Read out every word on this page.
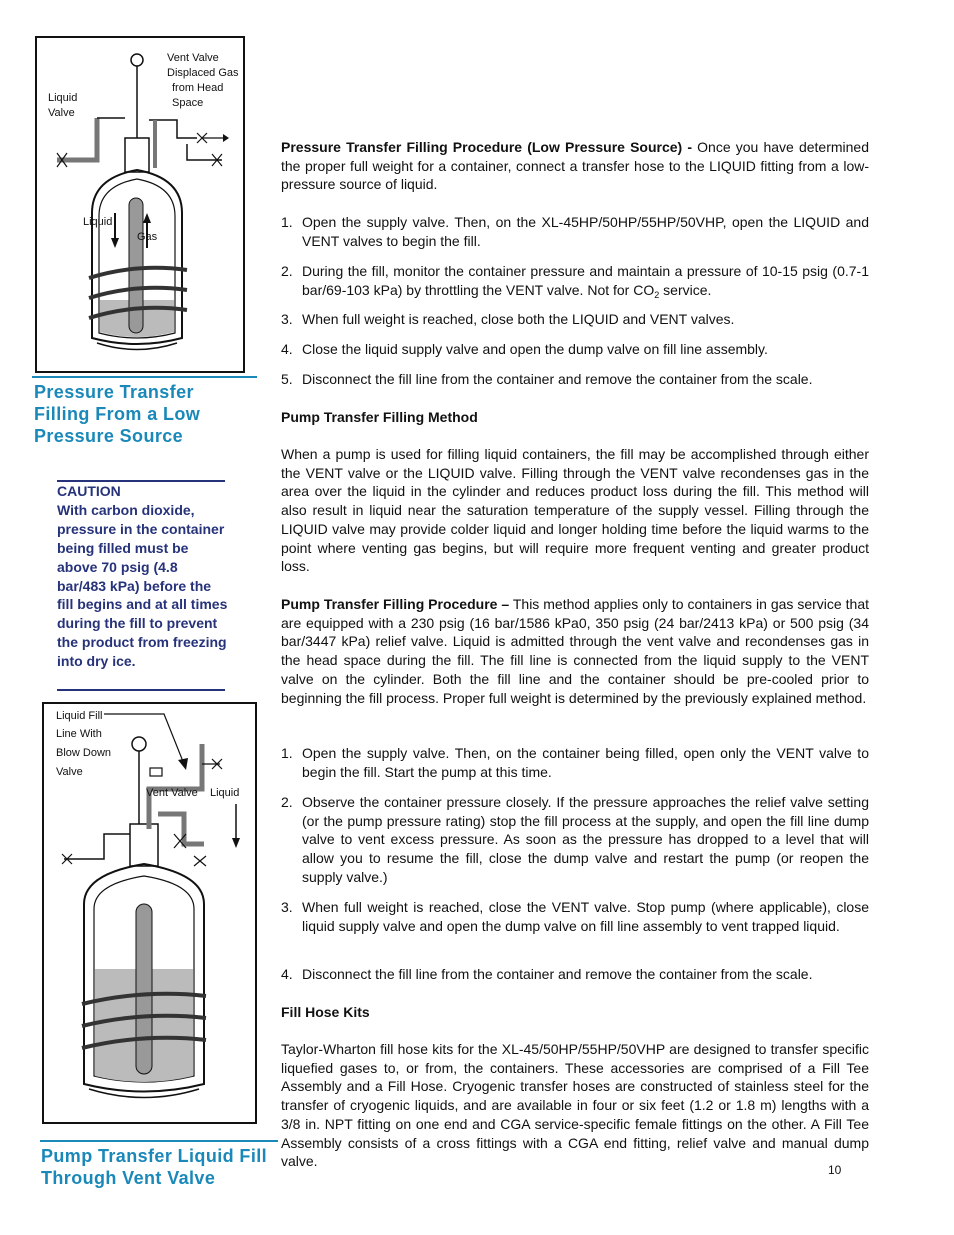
Vent Valve
Displaced Gas
from Head
Space
Liquid
Valve
Liquid
Gas
Pressure Transfer Filling From a Low Pressure Source
CAUTION
With carbon dioxide, pressure in the container being filled must be above 70 psig (4.8 bar/483 kPa) before the fill begins and at all times during the fill to prevent the product from freezing into dry ice.
Liquid Fill
Line With
Blow Down
Valve
Vent Valve Liquid
Pump Transfer Liquid Fill Through Vent Valve

Pressure Transfer Filling Procedure (Low Pressure Source) - Once you have determined the proper full weight for a container, connect a transfer hose to the LIQUID fitting from a low-pressure source of liquid.

1. Open the supply valve. Then, on the XL-45HP/50HP/55HP/50VHP, open the LIQUID and VENT valves to begin the fill.
2. During the fill, monitor the container pressure and maintain a pressure of 10-15 psig (0.7-1 bar/69-103 kPa) by throttling the VENT valve. Not for $CO_2$ service.
3. When full weight is reached, close both the LIQUID and VENT valves.
4. Close the liquid supply valve and open the dump valve on fill line assembly.
5. Disconnect the fill line from the container and remove the container from the scale.
Pump Transfer Filling Method
When a pump is used for filling liquid containers, the fill may be accomplished through either the VENT valve or the LIQUID valve. Filling through the VENT valve recondenses gas in the area over the liquid in the cylinder and reduces product loss during the fill. This method will also result in liquid near the saturation temperature of the supply vessel. Filling through the LIQUID valve may provide colder liquid and longer holding time before the liquid warms to the point where venting gas begins, but will require more frequent venting and greater product loss.

Pump Transfer Filling Procedure – This method applies only to containers in gas service that are equipped with a 230 psig (16 bar/1586 kPa0, 350 psig (24 bar/2413 kPa) or 500 psig (34 bar/3447 kPa) relief valve. Liquid is admitted through the vent valve and recondenses gas in the head space during the fill. The fill line is connected from the liquid supply to the VENT valve on the cylinder. Both the fill line and the container should be pre-cooled prior to beginning the fill process. Proper full weight is determined by the previously explained method.

1. Open the supply valve. Then, on the container being filled, open only the VENT valve to begin the fill. Start the pump at this time.
2. Observe the container pressure closely. If the pressure approaches the relief valve setting (or the pump pressure rating) stop the fill process at the supply, and open the fill line dump valve to vent excess pressure. As soon as the pressure has dropped to a level that will allow you to resume the fill, close the dump valve and restart the pump (or reopen the supply valve.)
3. When full weight is reached, close the VENT valve. Stop pump (where applicable), close liquid supply valve and open the dump valve on fill line assembly to vent trapped liquid.
4. Disconnect the fill line from the container and remove the container from the scale.
Fill Hose Kits
Taylor-Wharton fill hose kits for the XL-45/50HP/55HP/50VHP are designed to transfer specific liquefied gases to, or from, the containers. These accessories are comprised of a Fill Tee Assembly and a Fill Hose. Cryogenic transfer hoses are constructed of stainless steel for the transfer of cryogenic liquids, and are available in four or six feet (1.2 or 1.8 m) lengths with a 3/8 in. NPT fitting on one end and CGA service-specific female fittings on the other. A Fill Tee Assembly consists of a cross fittings with a CGA end fitting, relief valve and manual dump valve.
10
